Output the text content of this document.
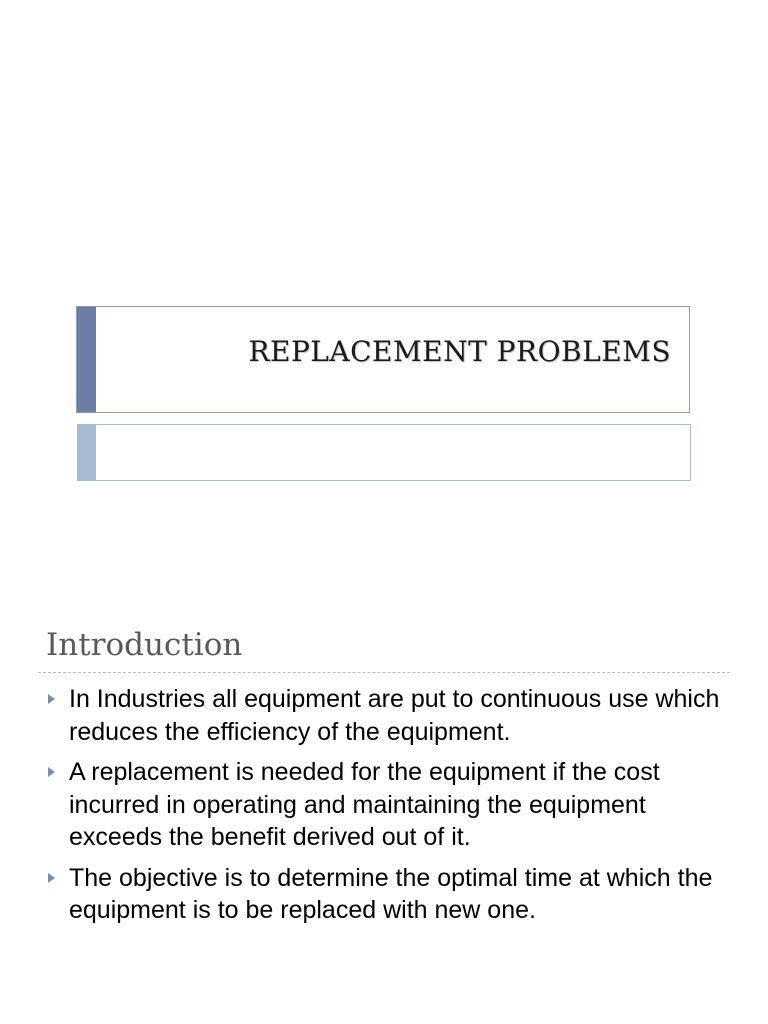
REPLACEMENT PROBLEMS
Introduction
In Industries all equipment are put to continuous use which reduces the efficiency of the equipment.
A replacement is needed for the equipment if the cost incurred in operating and maintaining the equipment exceeds the benefit derived out of it.
The objective is to determine the optimal time at which the equipment is to be replaced with new one.
